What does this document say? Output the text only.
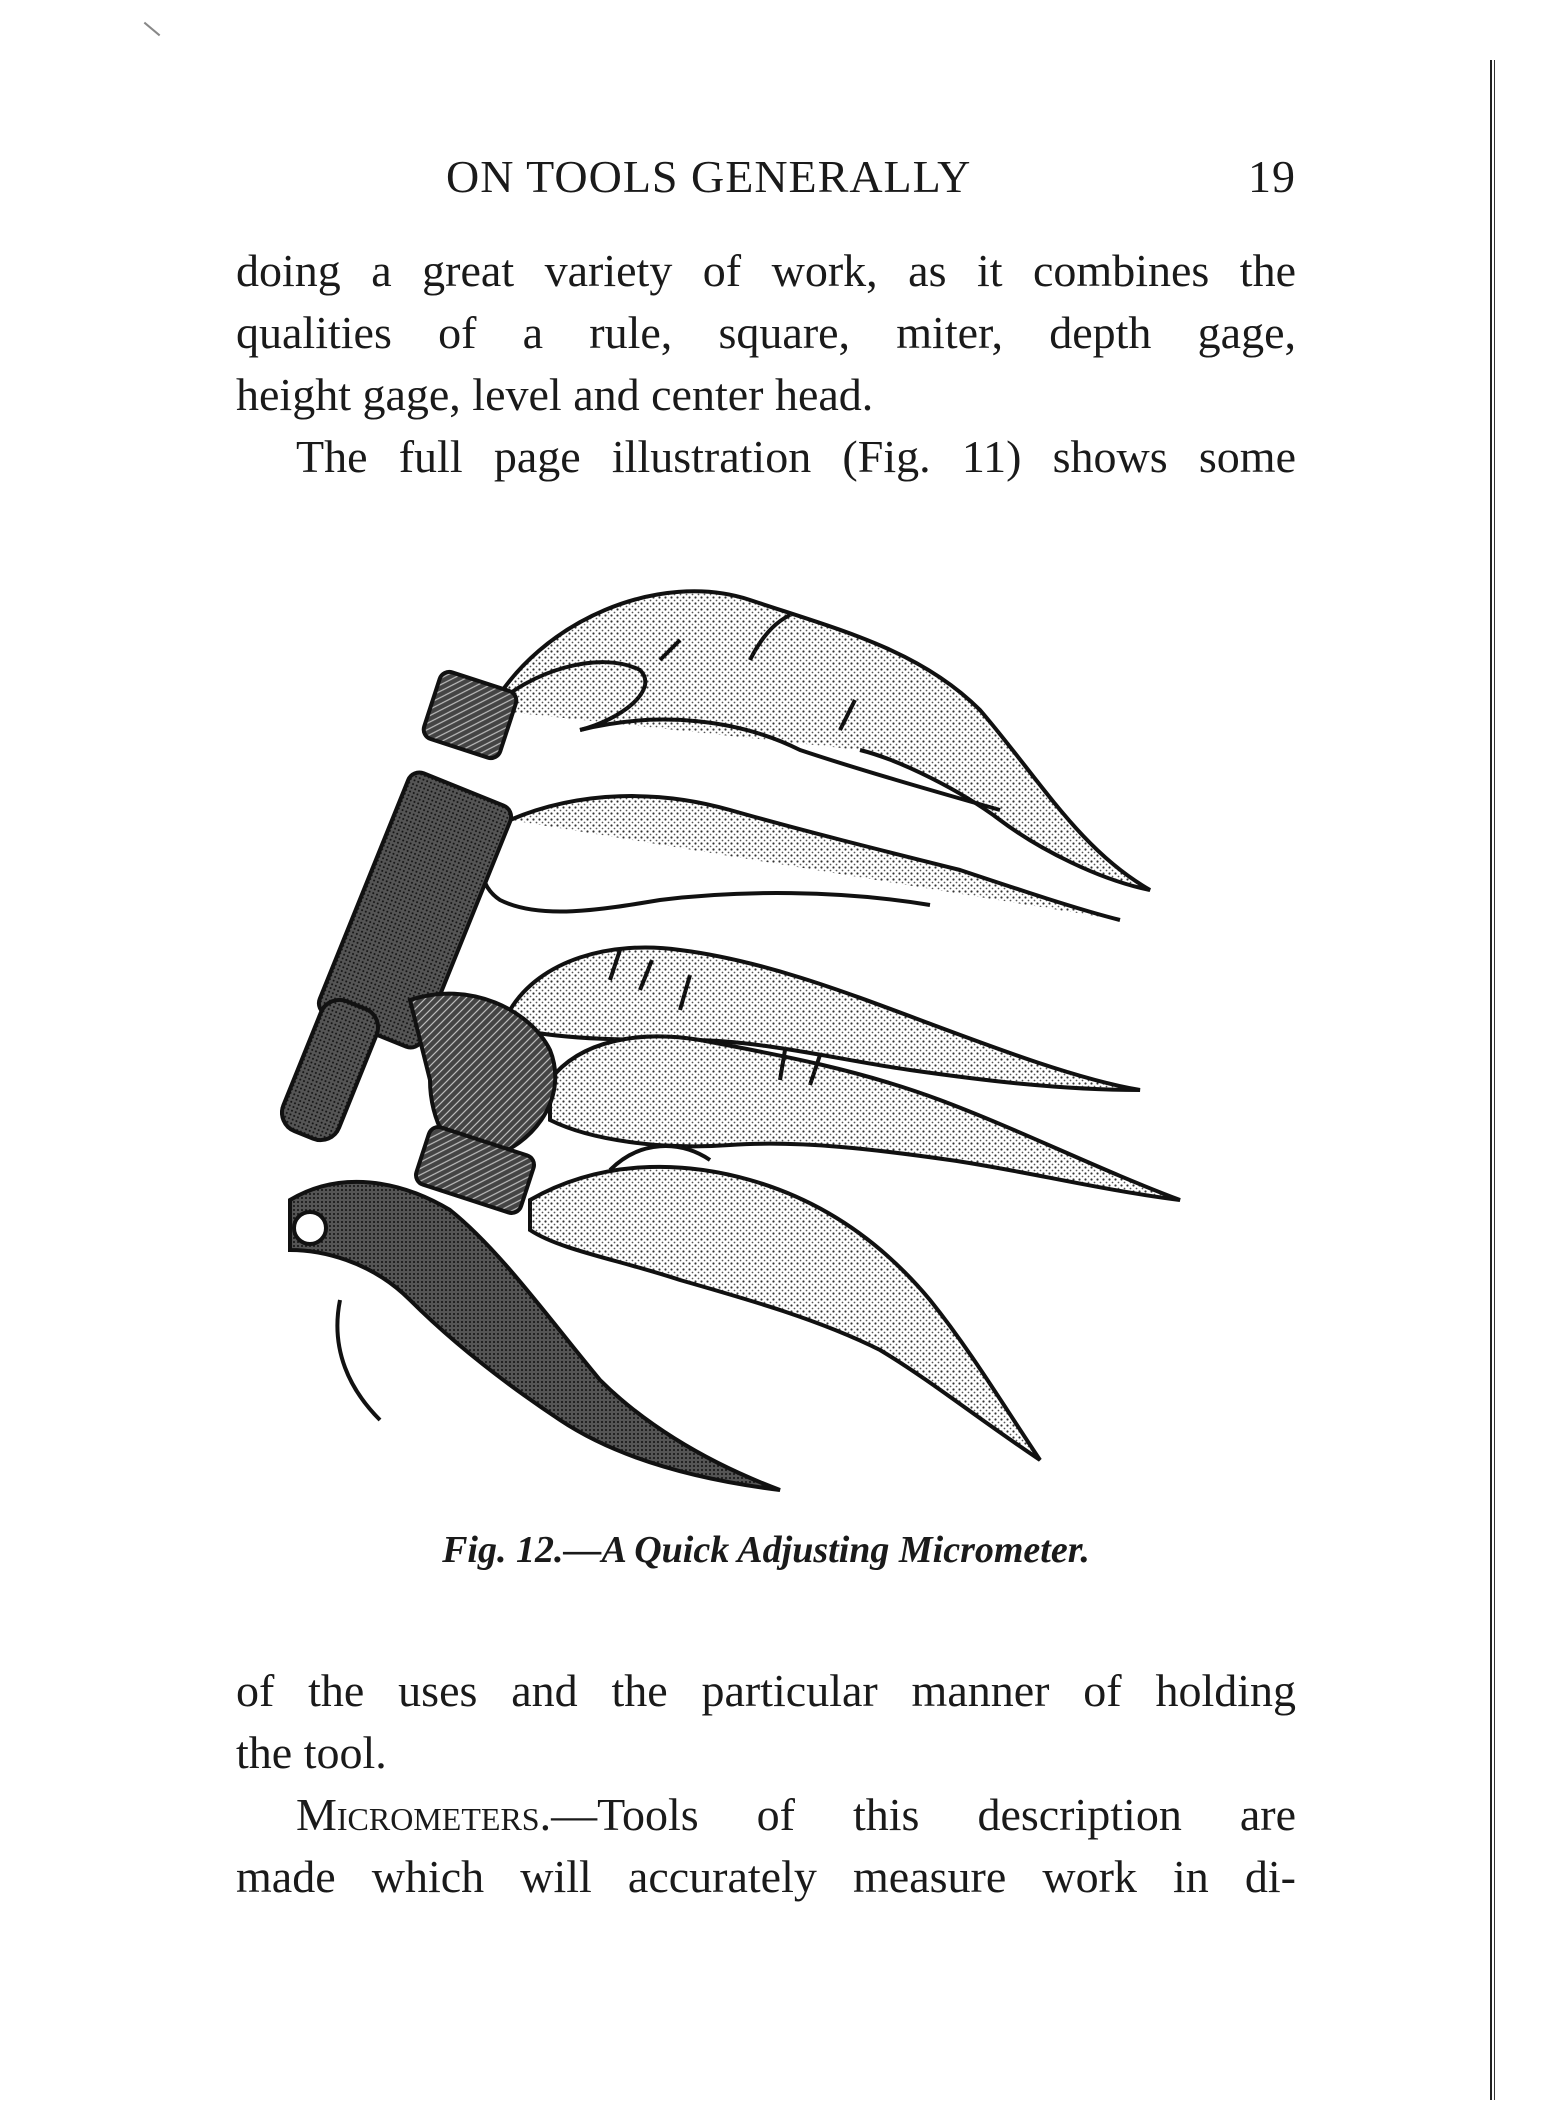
ON TOOLS GENERALLY	19
doing a great variety of work, as it combines the
qualities of a rule, square, miter, depth gage,
height gage, level and center head.
The full page illustration (Fig. 11) shows some
Fig. 12.—A Quick Adjusting Micrometer.
of the uses and the particular manner of holding
the tool.
Micrometers.—Tools of this description are
made which will accurately measure work in di-
